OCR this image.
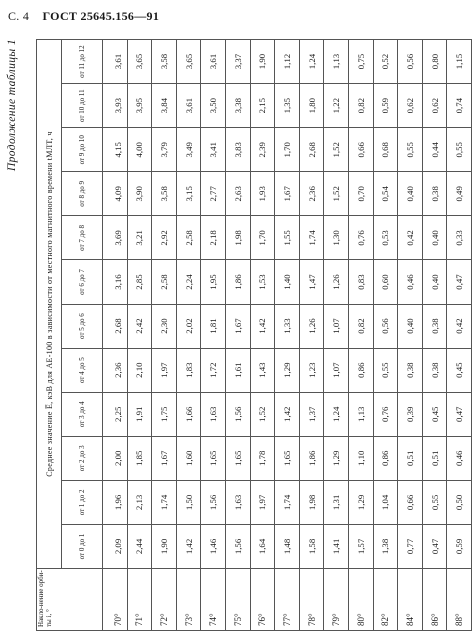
С. 4 ГОСТ 25645.156—91
Продолжение таблицы 1
Накло-нение орби-ты i, °	Среднее значение E̅, кэВ для AE-100 в зависимости от местного магнитного времени tМЛТ, ч											
	от 0 до 1	от 1 до 2	от 2 до 3	от 3 до 4	от 4 до 5	от 5 до 6	от 6 до 7	от 7 до 8	от 8 до 9	от 9 до 10	от 10 до 11	от 11 до 12
70°	2,09	1,96	2,00	2,25	2,36	2,68	3,16	3,69	4,09	4,15	3,93	3,61
71°	2,44	2,13	1,85	1,91	2,10	2,42	2,85	3,21	3,90	4,00	3,95	3,65
72°	1,90	1,74	1,67	1,75	1,97	2,30	2,58	2,92	3,58	3,79	3,84	3,58
73°	1,42	1,50	1,60	1,66	1,83	2,02	2,24	2,58	3,15	3,49	3,61	3,65
74°	1,46	1,56	1,65	1,63	1,72	1,81	1,95	2,18	2,77	3,41	3,50	3,61
75°	1,56	1,63	1,65	1,56	1,61	1,67	1,86	1,98	2,63	3,83	3,38	3,37
76°	1,64	1,97	1,78	1,52	1,43	1,42	1,53	1,70	1,93	2,39	2,15	1,90
77°	1,48	1,74	1,65	1,42	1,29	1,33	1,40	1,55	1,67	1,70	1,35	1,12
78°	1,58	1,98	1,86	1,37	1,23	1,26	1,47	1,74	2,36	2,68	1,80	1,24
79°	1,41	1,31	1,29	1,24	1,07	1,07	1,26	1,30	1,52	1,52	1,22	1,13
80°	1,57	1,29	1,10	1,13	0,86	0,82	0,83	0,76	0,70	0,66	0,82	0,75
82°	1,38	1,04	0,86	0,76	0,55	0,56	0,60	0,53	0,54	0,68	0,59	0,52
84°	0,77	0,66	0,51	0,39	0,38	0,40	0,46	0,42	0,40	0,55	0,62	0,56
86°	0,47	0,55	0,51	0,45	0,38	0,38	0,40	0,40	0,38	0,44	0,62	0,80
88°	0,59	0,50	0,46	0,47	0,45	0,42	0,47	0,33	0,49	0,55	0,74	1,15
